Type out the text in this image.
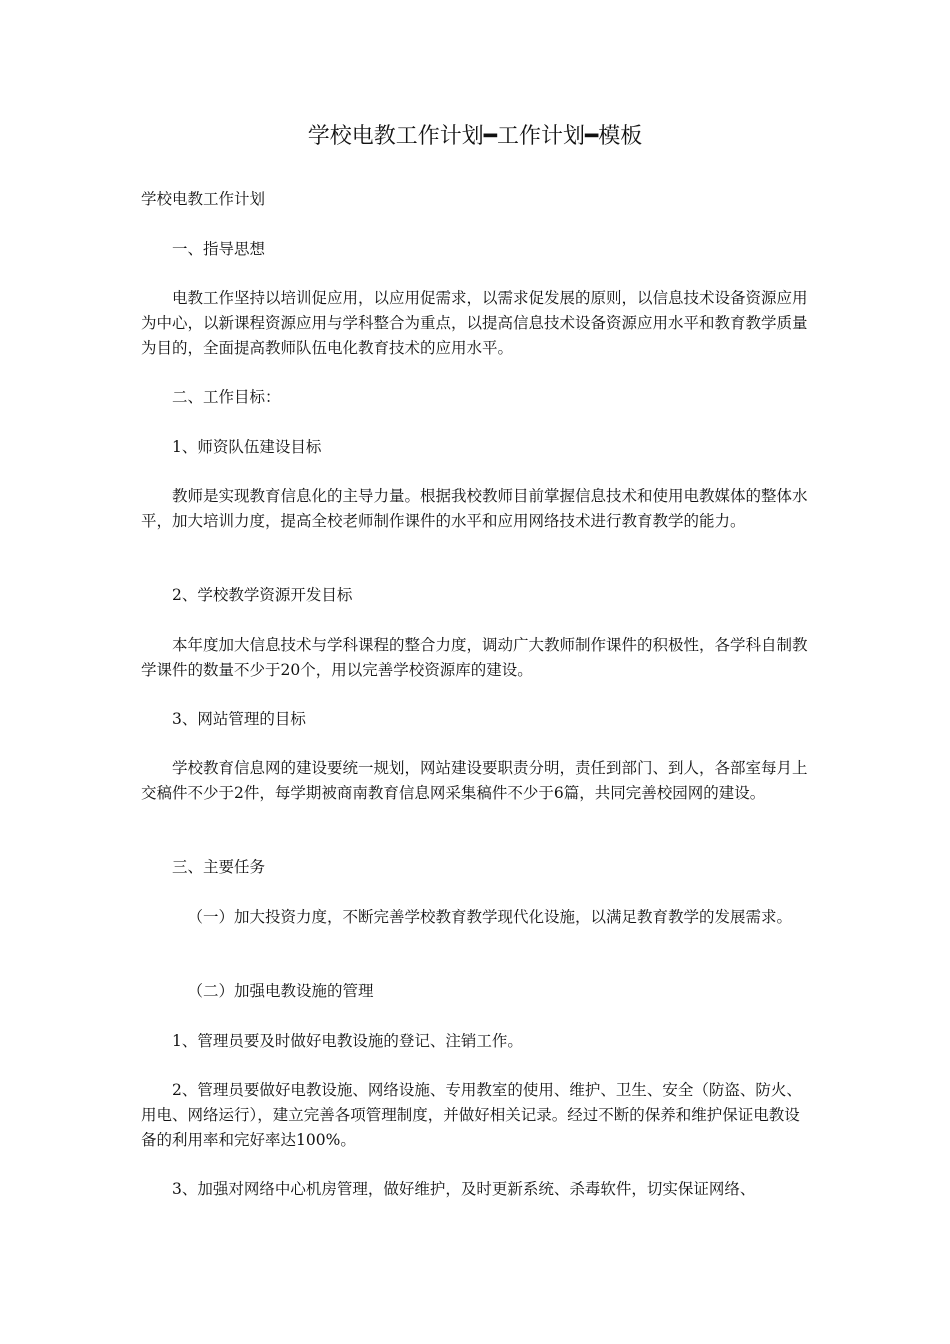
学校电教工作计划━工作计划━模板

学校电教工作计划

一、指导思想

电教工作坚持以培训促应用，以应用促需求，以需求促发展的原则，以信息技术设备资源应用为中心，以新课程资源应用与学科整合为重点，以提高信息技术设备资源应用水平和教育教学质量为目的，全面提高教师队伍电化教育技术的应用水平。

二、工作目标：

1、师资队伍建设目标

教师是实现教育信息化的主导力量。根据我校教师目前掌握信息技术和使用电教媒体的整体水平，加大培训力度，提高全校老师制作课件的水平和应用网络技术进行教育教学的能力。

2、学校教学资源开发目标

本年度加大信息技术与学科课程的整合力度，调动广大教师制作课件的积极性，各学科自制教学课件的数量不少于20个，用以完善学校资源库的建设。

3、网站管理的目标

学校教育信息网的建设要统一规划，网站建设要职责分明，责任到部门、到人，各部室每月上交稿件不少于2件，每学期被商南教育信息网采集稿件不少于6篇，共同完善校园网的建设。

三、主要任务

（一）加大投资力度，不断完善学校教育教学现代化设施，以满足教育教学的发展需求。

（二）加强电教设施的管理

1、管理员要及时做好电教设施的登记、注销工作。

2、管理员要做好电教设施、网络设施、专用教室的使用、维护、卫生、安全（防盗、防火、用电、网络运行），建立完善各项管理制度，并做好相关记录。经过不断的保养和维护保证电教设备的利用率和完好率达100%。

3、加强对网络中心机房管理，做好维护，及时更新系统、杀毒软件，切实保证网络、
